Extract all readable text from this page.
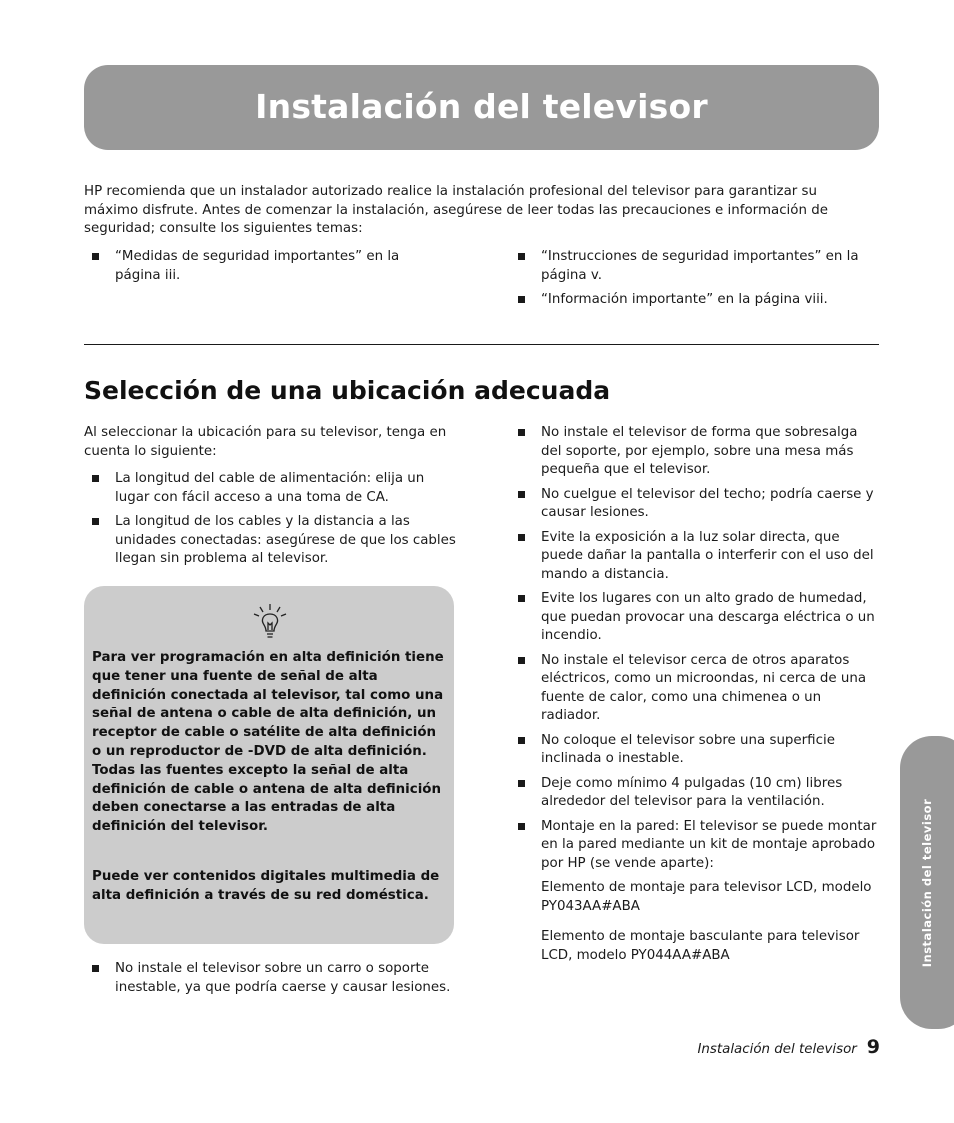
Instalación del televisor

HP recomienda que un instalador autorizado realice la instalación profesional del televisor para garantizar su máximo disfrute. Antes de comenzar la instalación, asegúrese de leer todas las precauciones e información de seguridad; consulte los siguientes temas:

“Medidas de seguridad importantes” en la página iii.
“Instrucciones de seguridad importantes” en la página v.
“Información importante” en la página viii.
Selección de una ubicación adecuada

Al seleccionar la ubicación para su televisor, tenga en cuenta lo siguiente:

La longitud del cable de alimentación: elija un lugar con fácil acceso a una toma de CA.
La longitud de los cables y la distancia a las unidades conectadas: asegúrese de que los cables llegan sin problema al televisor.

Para ver programación en alta definición tiene que tener una fuente de señal de alta definición conectada al televisor, tal como una señal de antena o cable de alta definición, un receptor de cable o satélite de alta definición o un reproductor de -DVD de alta definición. Todas las fuentes excepto la señal de alta definición de cable o antena de alta definición deben conectarse a las entradas de alta definición del televisor.

Puede ver contenidos digitales multimedia de alta definición a través de su red doméstica.

No instale el televisor sobre un carro o soporte inestable, ya que podría caerse y causar lesiones.
No instale el televisor de forma que sobresalga del soporte, por ejemplo, sobre una mesa más pequeña que el televisor.
No cuelgue el televisor del techo; podría caerse y causar lesiones.
Evite la exposición a la luz solar directa, que puede dañar la pantalla o interferir con el uso del mando a distancia.
Evite los lugares con un alto grado de humedad, que puedan provocar una descarga eléctrica o un incendio.
No instale el televisor cerca de otros aparatos eléctricos, como un microondas, ni cerca de una fuente de calor, como una chimenea o un radiador.
No coloque el televisor sobre una superficie inclinada o inestable.
Deje como mínimo 4 pulgadas (10 cm) libres alrededor del televisor para la ventilación.
Montaje en la pared: El televisor se puede montar en la pared mediante un kit de montaje aprobado por HP (se vende aparte):
Elemento de montaje para televisor LCD, modelo PY043AA#ABA
Elemento de montaje basculante para televisor LCD, modelo PY044AA#ABA	Instalación del televisor
Instalación del televisor 9
